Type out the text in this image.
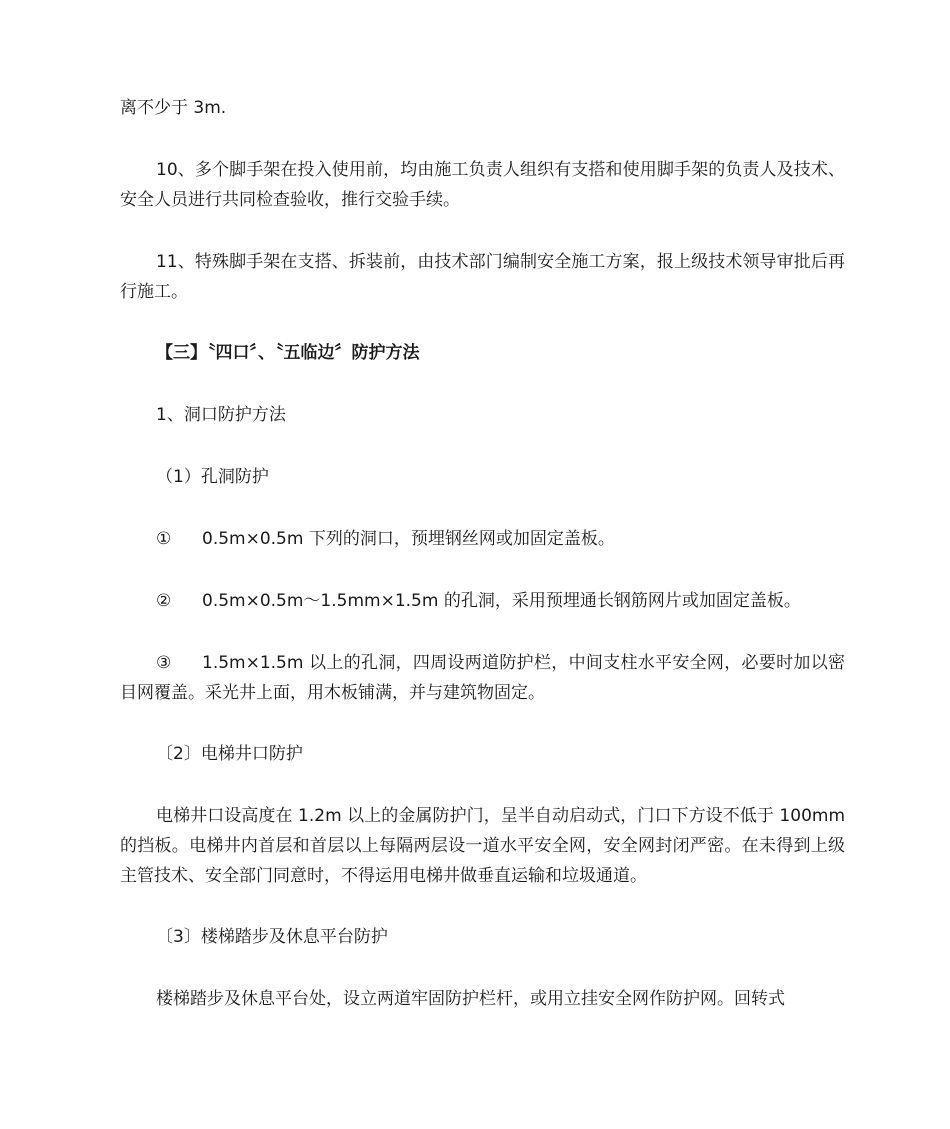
离不少于 3m.

10、多个脚手架在投入使用前，均由施工负责人组织有支搭和使用脚手架的负责人及技术、安全人员进行共同检查验收，推行交验手续。

11、特殊脚手架在支搭、拆装前，由技术部门编制安全施工方案，报上级技术领导审批后再行施工。

【三】〝四口〞、〝五临边〞防护方法

1、洞口防护方法

（1）孔洞防护

① 0.5m×0.5m 下列的洞口，预埋钢丝网或加固定盖板。
② 0.5m×0.5m～1.5mm×1.5m 的孔洞，采用预埋通长钢筋网片或加固定盖板。
③ 1.5m×1.5m 以上的孔洞，四周设两道防护栏，中间支柱水平安全网，必要时加以密目网覆盖。采光井上面，用木板铺满，并与建筑物固定。

〔2〕电梯井口防护

电梯井口设高度在 1.2m 以上的金属防护门，呈半自动启动式，门口下方设不低于 100mm 的挡板。电梯井内首层和首层以上每隔两层设一道水平安全网，安全网封闭严密。在未得到上级主管技术、安全部门同意时，不得运用电梯井做垂直运输和垃圾通道。

〔3〕楼梯踏步及休息平台防护

楼梯踏步及休息平台处，设立两道牢固防护栏杆，或用立挂安全网作防护网。回转式
